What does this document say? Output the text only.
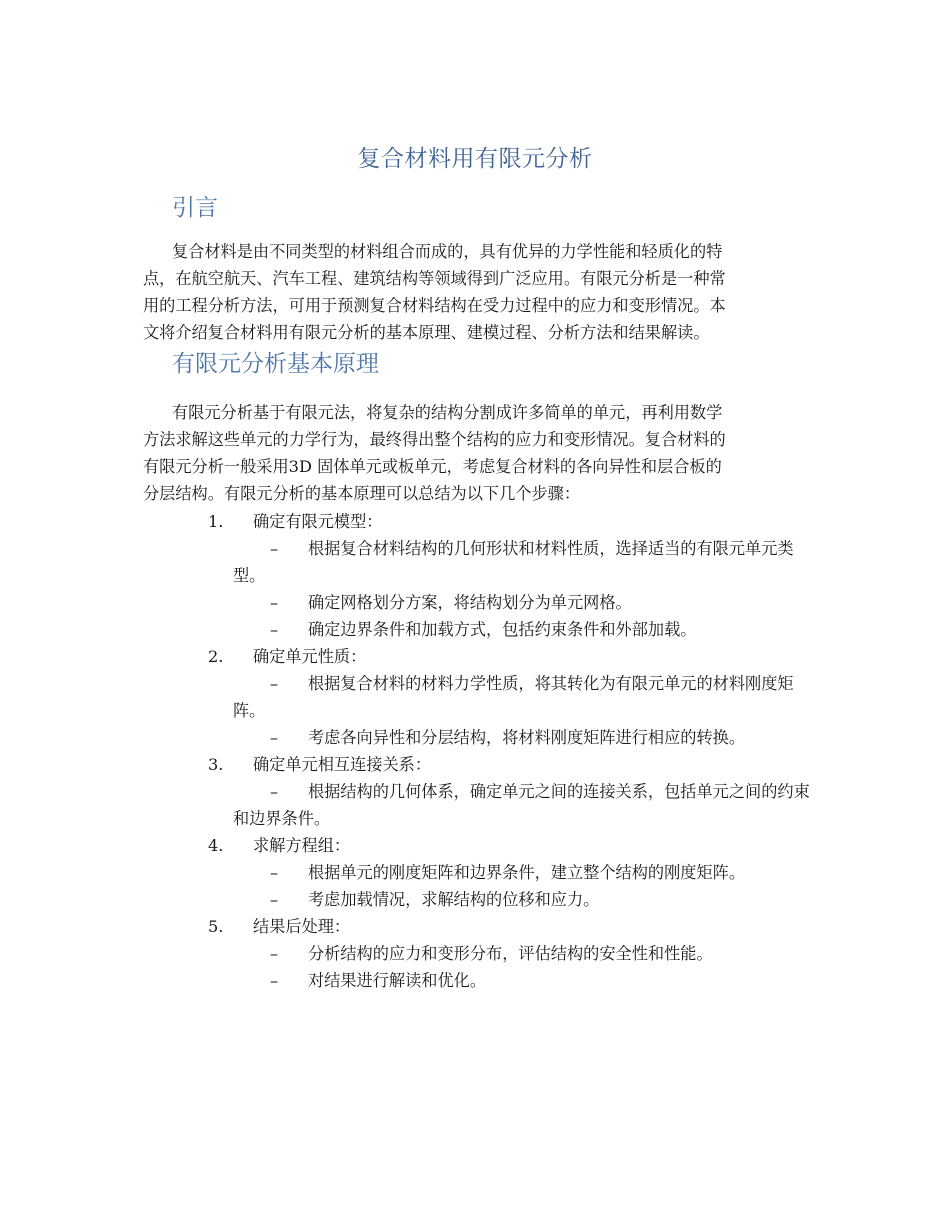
复合材料用有限元分析
引言
复合材料是由不同类型的材料组合而成的，具有优异的力学性能和轻质化的特
点，在航空航天、汽车工程、建筑结构等领域得到广泛应用。有限元分析是一种常
用的工程分析方法，可用于预测复合材料结构在受力过程中的应力和变形情况。本
文将介绍复合材料用有限元分析的基本原理、建模过程、分析方法和结果解读。
有限元分析基本原理
有限元分析基于有限元法，将复杂的结构分割成许多简单的单元，再利用数学
方法求解这些单元的力学行为，最终得出整个结构的应力和变形情况。复合材料的
有限元分析一般采用3D 固体单元或板单元，考虑复合材料的各向异性和层合板的
分层结构。有限元分析的基本原理可以总结为以下几个步骤：
1.	确定有限元模型：
– 根据复合材料结构的几何形状和材料性质，选择适当的有限元单元类型。
– 确定网格划分方案，将结构划分为单元网格。
– 确定边界条件和加载方式，包括约束条件和外部加载。
2.	确定单元性质：
– 根据复合材料的材料力学性质，将其转化为有限元单元的材料刚度矩阵。
– 考虑各向异性和分层结构，将材料刚度矩阵进行相应的转换。
3.	确定单元相互连接关系：
– 根据结构的几何体系，确定单元之间的连接关系，包括单元之间的约束和边界条件。
4.	求解方程组：
– 根据单元的刚度矩阵和边界条件，建立整个结构的刚度矩阵。
– 考虑加载情况，求解结构的位移和应力。
5.	结果后处理：
– 分析结构的应力和变形分布，评估结构的安全性和性能。
– 对结果进行解读和优化。
